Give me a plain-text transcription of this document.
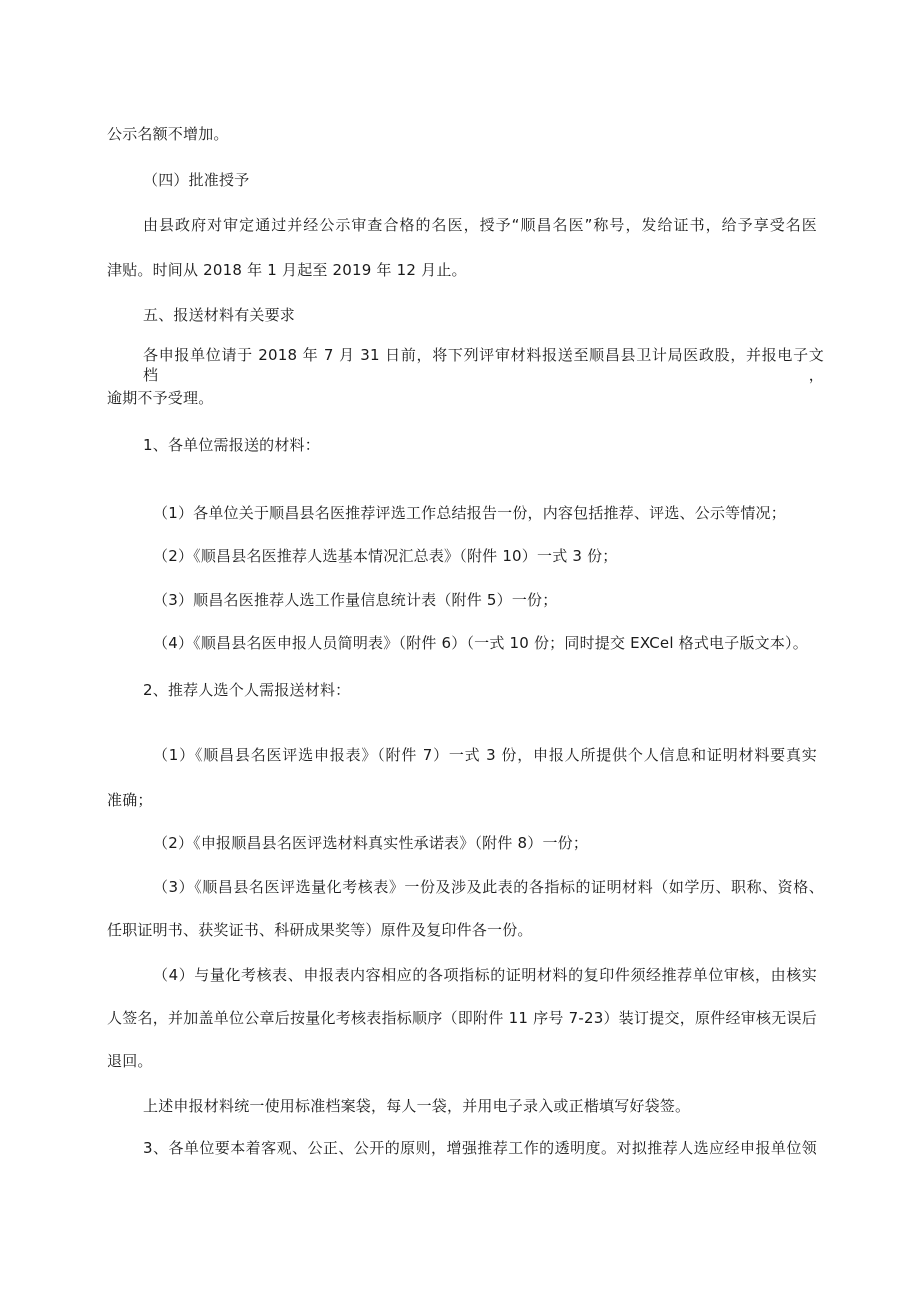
公示名额不增加。
（四）批准授予
由县政府对审定通过并经公示审查合格的名医，授予“顺昌名医”称号，发给证书，给予享受名医
津贴。时间从 2018 年 1 月起至 2019 年 12 月止。
五、报送材料有关要求
各申报单位请于 2018 年 7 月 31 日前，将下列评审材料报送至顺昌县卫计局医政股，并报电子文档，
逾期不予受理。
1、各单位需报送的材料：
（1）各单位关于顺昌县名医推荐评选工作总结报告一份，内容包括推荐、评选、公示等情况；
（2）《顺昌县名医推荐人选基本情况汇总表》（附件 10）一式 3 份；
（3）顺昌名医推荐人选工作量信息统计表（附件 5）一份；
（4）《顺昌县名医申报人员简明表》（附件 6）（一式 10 份；同时提交 EXCel 格式电子版文本）。
2、推荐人选个人需报送材料：
（1）《顺昌县名医评选申报表》（附件 7）一式 3 份，申报人所提供个人信息和证明材料要真实
准确；
（2）《申报顺昌县名医评选材料真实性承诺表》（附件 8）一份；
（3）《顺昌县名医评选量化考核表》一份及涉及此表的各指标的证明材料（如学历、职称、资格、
任职证明书、获奖证书、科研成果奖等）原件及复印件各一份。
（4）与量化考核表、申报表内容相应的各项指标的证明材料的复印件须经推荐单位审核，由核实
人签名，并加盖单位公章后按量化考核表指标顺序（即附件 11 序号 7-23）装订提交，原件经审核无误后
退回。
上述申报材料统一使用标准档案袋，每人一袋，并用电子录入或正楷填写好袋签。
3、各单位要本着客观、公正、公开的原则，增强推荐工作的透明度。对拟推荐人选应经申报单位领
